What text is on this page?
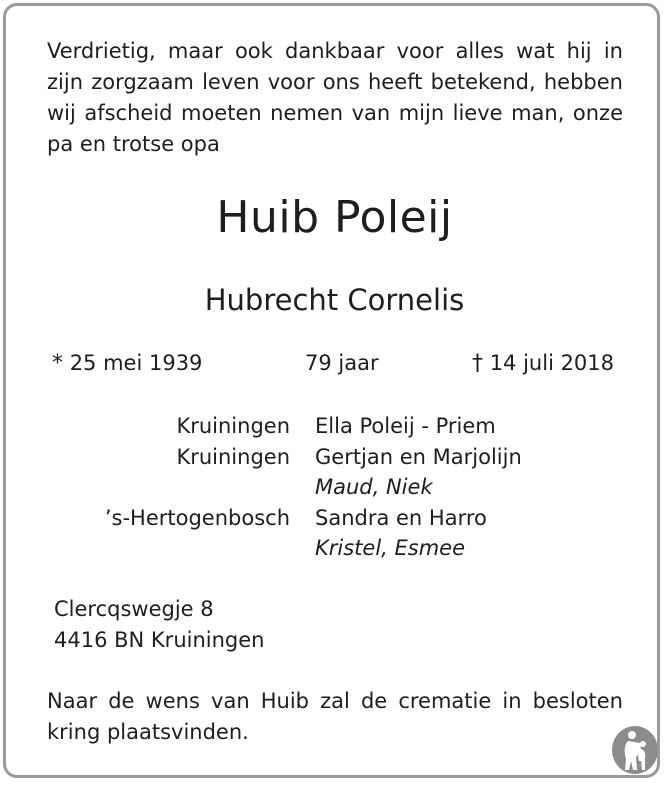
Verdrietig, maar ook dankbaar voor alles wat hij in
zijn zorgzaam leven voor ons heeft betekend, hebben
wij afscheid moeten nemen van mijn lieve man, onze
pa en trotse opa
Huib Poleij
Hubrecht Cornelis
* 25 mei 1939	79 jaar	† 14 juli 2018
Kruiningen Ella Poleij - Priem
Kruiningen Gertjan en Marjolijn
Maud, Niek
’s-Hertogenbosch Sandra en Harro
Kristel, Esmee
Clercqswegje 8
4416 BN Kruiningen
Naar de wens van Huib zal de crematie in besloten
kring plaatsvinden.
